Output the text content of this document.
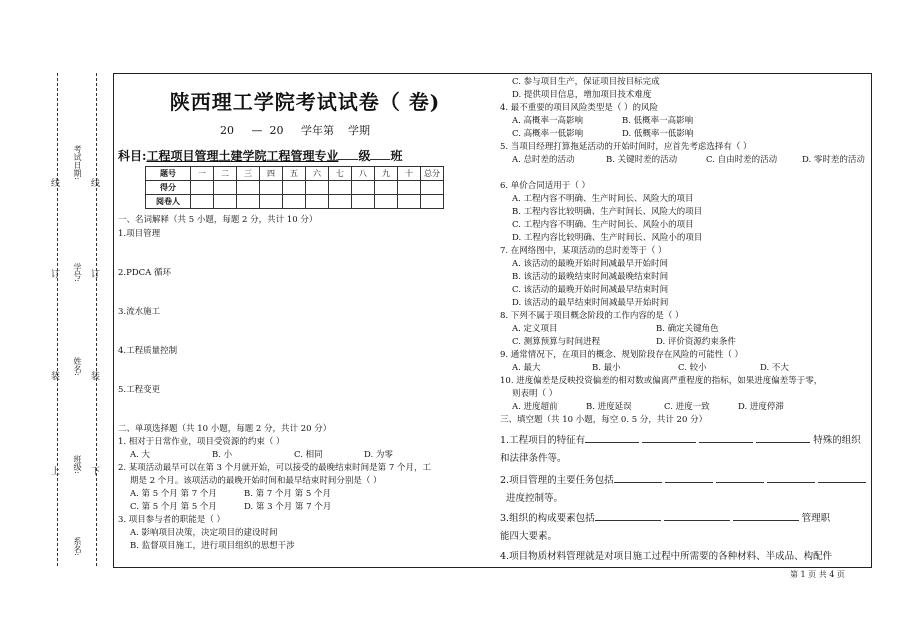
线
订
装
上
线
订
装
下
考试日期:
学号:
姓名:
班级:
系名:
陕西理工学院考试试卷（ 卷)
20     —  20     学年第    学期
科目:工程项目管理土建学院工程管理专业 级 班
题号	一	二	三	四	五	六	七	八	九	十	总分
得分											
阅卷人											
一、名词解释（共 5 小题，每题 2 分，共计 10 分）
1.项目管理
2.PDCA 循环
3.流水施工
4.工程质量控制
5.工程变更
二、单项选择题（共 10 小题，每题 2 分，共计 20 分）
1. 相对于日常作业，项目受资源的约束（ ）
A. 大	B. 小	C. 相同	D. 为零
2. 某项活动最早可以在第 3 个月就开始，可以接受的最晚结束时间是第 7 个月，工
期是 2 个月。该项活动的最晚开始时间和最早结束时间分别是（ ）
A. 第 5 个月 第 7 个月	B. 第 7 个月 第 5 个月
C. 第 5 个月 第 5 个月	D. 第 3 个月 第 7 个月
3. 项目参与者的职能是（ ）
A. 影响项目决策，决定项目的建设时间
B. 监督项目施工，进行项目组织的思想干涉
C. 参与项目生产，保证项目按目标完成
D. 提供项目信息，增加项目技术难度
4. 最不重要的项目风险类型是（ ）的风险
A. 高概率一高影响	B. 低概率一高影响
C. 高概率一低影响	D. 低概率一低影响
5. 当项目经理打算拖延活动的开始时间时，应首先考虑选择有（ ）
A. 总时差的活动	B. 关键时差的活动	C. 自由时差的活动	D. 零时差的活动
6. 单价合同适用于（ ）
A. 工程内容不明确、生产时间长、风险大的项目
B. 工程内容比较明确、生产时间长、风险大的项目
C. 工程内容不明确、生产时间长、风险小的项目
D. 工程内容比较明确、生产时间长、风险小的项目
7. 在网络图中，某项活动的总时差等于（ ）
A. 该活动的最晚开始时间减最早开始时间
B. 该活动的最晚结束时间减最晚结束时间
C. 该活动的最晚开始时间减最早结束时间
D. 该活动的最早结束时间减最早开始时间
8. 下列不属于项目概念阶段的工作内容的是（ ）
A. 定义项目	B. 确定关键角色
C. 测算预算与时间进程	D. 评价资源约束条件
9. 通常情况下，在项目的概念、规划阶段存在风险的可能性（ ）
A. 最大	B. 最小	C. 较小	D. 不大
10. 进度偏差是反映投资偏差的相对数或偏离严重程度的指标，如果进度偏差等于零，
则表明（ ）
A. 进度超前	B. 进度延误	C. 进度一致	D. 进度停滞
三、填空题（共 10 小题，每空 0. 5 分，共计 20 分）
1.工程项目的特征有	特殊的组织
和法律条件等。
2.项目管理的主要任务包括
进度控制等。
3.组织的构成要素包括	管理职
能四大要素。
4.项目物质材料管理就是对项目施工过程中所需要的各种材料、半成品、构配件
第 1 页 共 4 页
